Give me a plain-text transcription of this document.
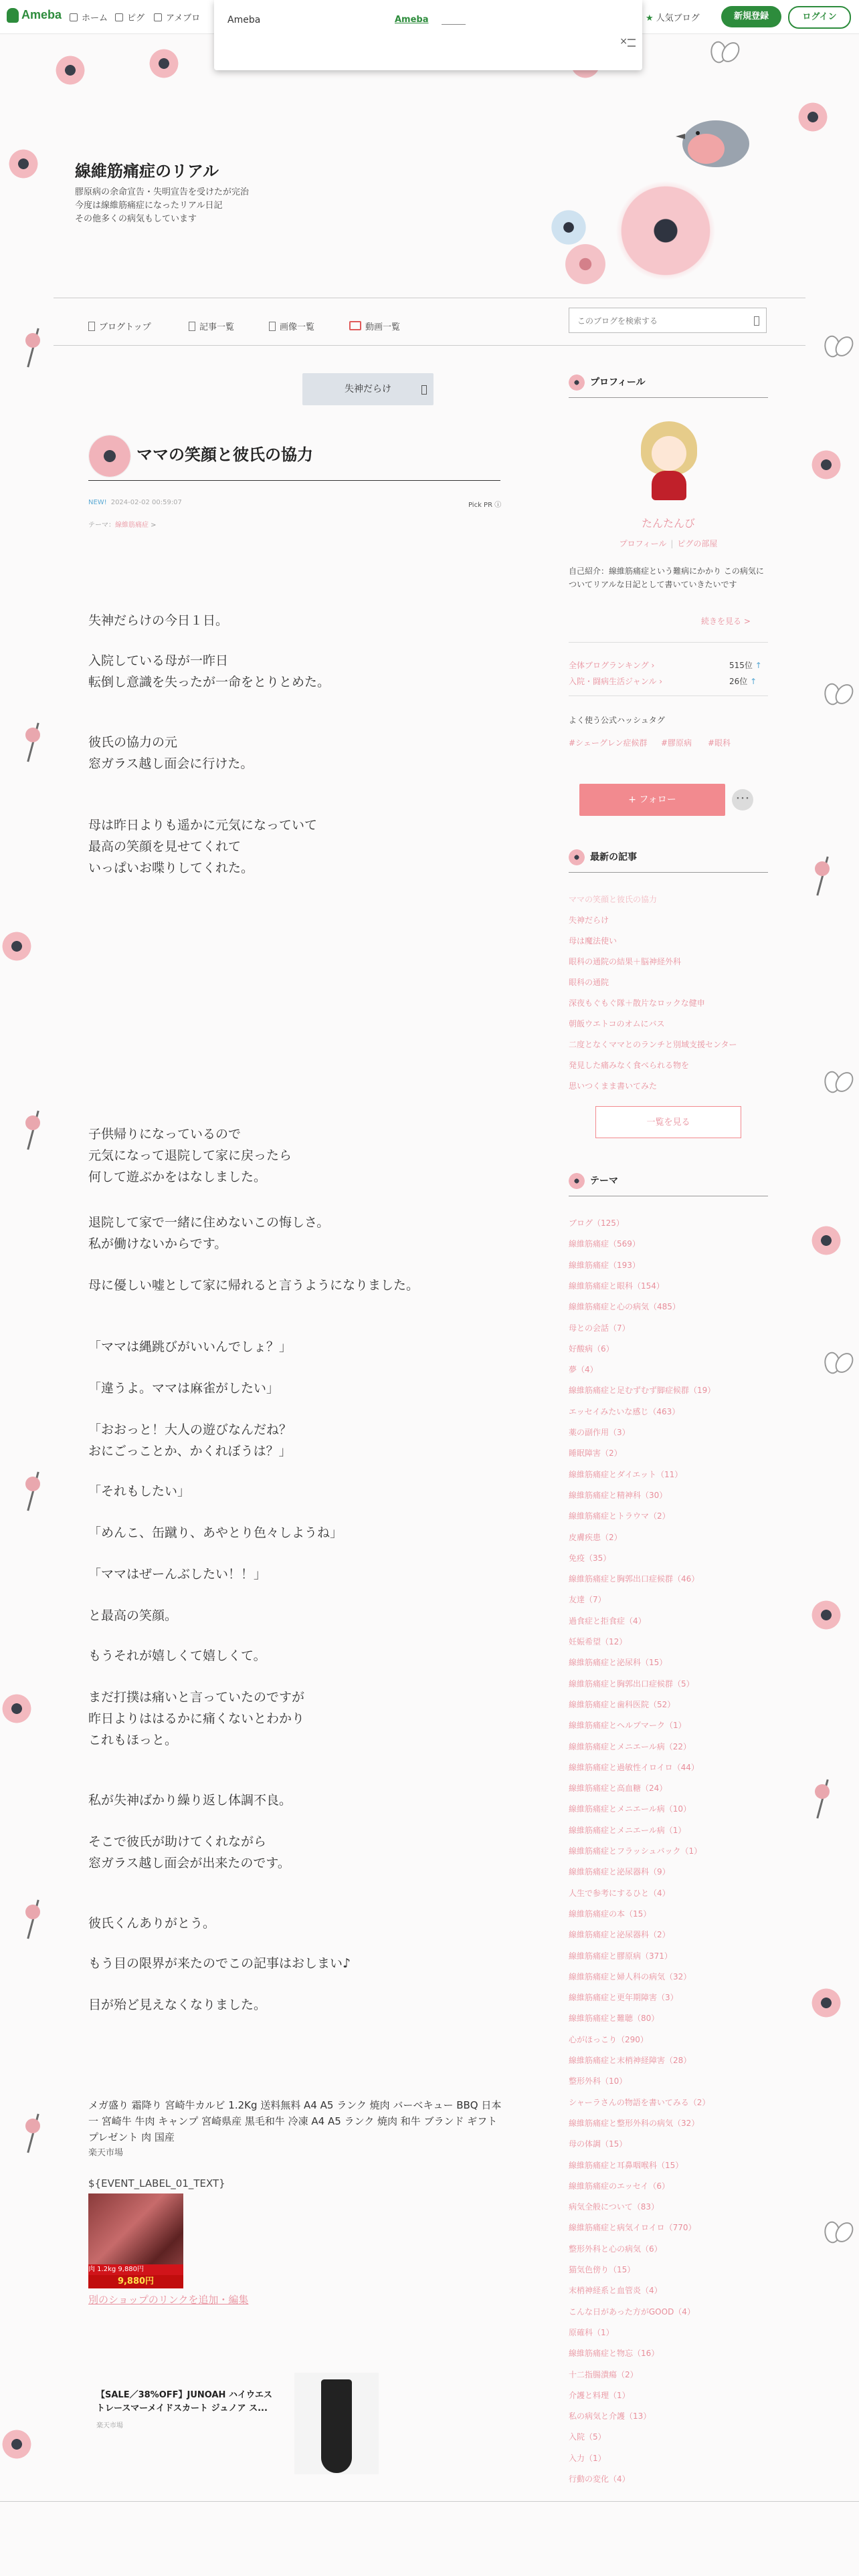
Ameba	ホーム	ピグ	アメブロ	★ 人気ブログ	新規登録	ログイン
Ameba	Ameba
×
線維筋痛症のリアル
膠原病の余命宣告・失明宣告を受けたが完治
今度は線維筋痛症になったリアル日記
その他多くの病気もしています
ブログトップ	記事一覧	画像一覧	動画一覧
このブログを検索する
失神だらけ
ママの笑顔と彼氏の協力
NEW! 2024-02-02 00:59:07
テーマ：線維筋痛症 >
Pick PR ⓘ
失神だらけの今日１日。
入院している母が一昨日
転倒し意識を失ったが一命をとりとめた。
彼氏の協力の元
窓ガラス越し面会に行けた。
母は昨日よりも遥かに元気になっていて
最高の笑顔を見せてくれて
いっぱいお喋りしてくれた。
子供帰りになっているので
元気になって退院して家に戻ったら
何して遊ぶかをはなしました。
退院して家で一緒に住めないこの悔しさ。
私が働けないからです。
母に優しい嘘として家に帰れると言うようになりました。
「ママは縄跳びがいいんでしょ？」
「違うよ。ママは麻雀がしたい」
「おおっと！大人の遊びなんだね？
おにごっことか、かくれぼうは？」
「それもしたい」
「めんこ、缶蹴り、あやとり色々しようね」
「ママはぜーんぶしたい！！」
と最高の笑顔。
もうそれが嬉しくて嬉しくて。
まだ打撲は痛いと言っていたのですが
昨日よりははるかに痛くないとわかり
これもほっと。
私が失神ばかり繰り返し体調不良。
そこで彼氏が助けてくれながら
窓ガラス越し面会が出来たのです。
彼氏くんありがとう。
もう目の限界が来たのでこの記事はおしまい♪
目が殆ど見えなくなりました。
メガ盛り 霜降り 宮崎牛カルビ 1.2Kg 送料無料 A4 A5 ランク 焼肉 バーベキュー BBQ 日本一 宮崎牛 牛肉 キャンプ 宮崎県産 黒毛和牛 冷凍 A4 A5 ランク 焼肉 和牛 ブランド ギフト プレゼント 肉 国産
楽天市場
${EVENT_LABEL_01_TEXT}
肉 1.2kg 9,880円
9,880円
別のショップのリンクを追加・編集
【SALE／38%OFF】JUNOAH ハイウエストレースマーメイドスカート ジュノア ス...
楽天市場
プロフィール
たんたんび
プロフィール | ピグの部屋
自己紹介：線維筋痛症という難病にかかり この病気についてリアルな日記として書いていきたいです
続きを見る >
全体ブログランキング ›	515位 ↑
入院・闘病生活ジャンル ›	26位 ↑
よく使う公式ハッシュタグ
#シェーグレン症候群 #膠原病 #眼科
+ フォロー	･･･
最新の記事
ママの笑顔と彼氏の協力
失神だらけ
母は魔法使い
眼科の通院の結果＋脳神経外科
眼科の通院
深夜もぐもぐ隊＋散片なロックな健申
朝飯ウエトコのオムにバス
二度となくママとのランチと別域支援センター
発見した痛みなく食べられる物を
思いつくまま書いてみた
一覧を見る
テーマ
ブログ（125）
線維筋痛症（569）
線維筋痛症（193）
線維筋痛症と眼科（154）
線維筋痛症と心の病気（485）
母との会話（7）
好酸病（6）
夢（4）
線維筋痛症と足むずむず脚症候群（19）
エッセイみたいな感じ（463）
薬の副作用（3）
睡眠障害（2）
線維筋痛症とダイエット（11）
線維筋痛症と精神科（30）
線維筋痛症とトラウマ（2）
皮膚疾患（2）
免疫（35）
線維筋痛症と胸郭出口症候群（46）
友達（7）
過食症と拒食症（4）
妊娠希望（12）
線維筋痛症と泌尿科（15）
線維筋痛症と胸郭出口症候群（5）
線維筋痛症と歯科医院（52）
線維筋痛症とヘルプマーク（1）
線維筋痛症とメニエール病（22）
線維筋痛症と過敏性イロイロ（44）
線維筋痛症と高血糖（24）
線維筋痛症とメニエール病（10）
線維筋痛症とメニエール病（1）
線維筋痛症とフラッシュバック（1）
線維筋痛症と泌尿器科（9）
人生で参考にするひと（4）
線維筋痛症の本（15）
線維筋痛症と泌尿器科（2）
線維筋痛症と膠原病（371）
線維筋痛症と婦人科の病気（32）
線維筋痛症と更年期障害（3）
線維筋痛症と難聴（80）
心がほっこり（290）
線維筋痛症と末梢神経障害（28）
整形外科（10）
シャーラさんの物語を書いてみる（2）
線維筋痛症と整形外科の病気（32）
母の体調（15）
線維筋痛症と耳鼻咽喉科（15）
線維筋痛症のエッセイ（6）
病気全般について（83）
線維筋痛症と病気イロイロ（770）
整形外科と心の病気（6）
猫気色傍り（15）
末梢神経系と血管炎（4）
こんな日があった方がGOOD（4）
原確科（1）
線維筋痛症と物忘（16）
十二指腸潰瘍（2）
介護と料理（1）
私の病気と介護（13）
入院（5）
入力（1）
行動の変化（4）
